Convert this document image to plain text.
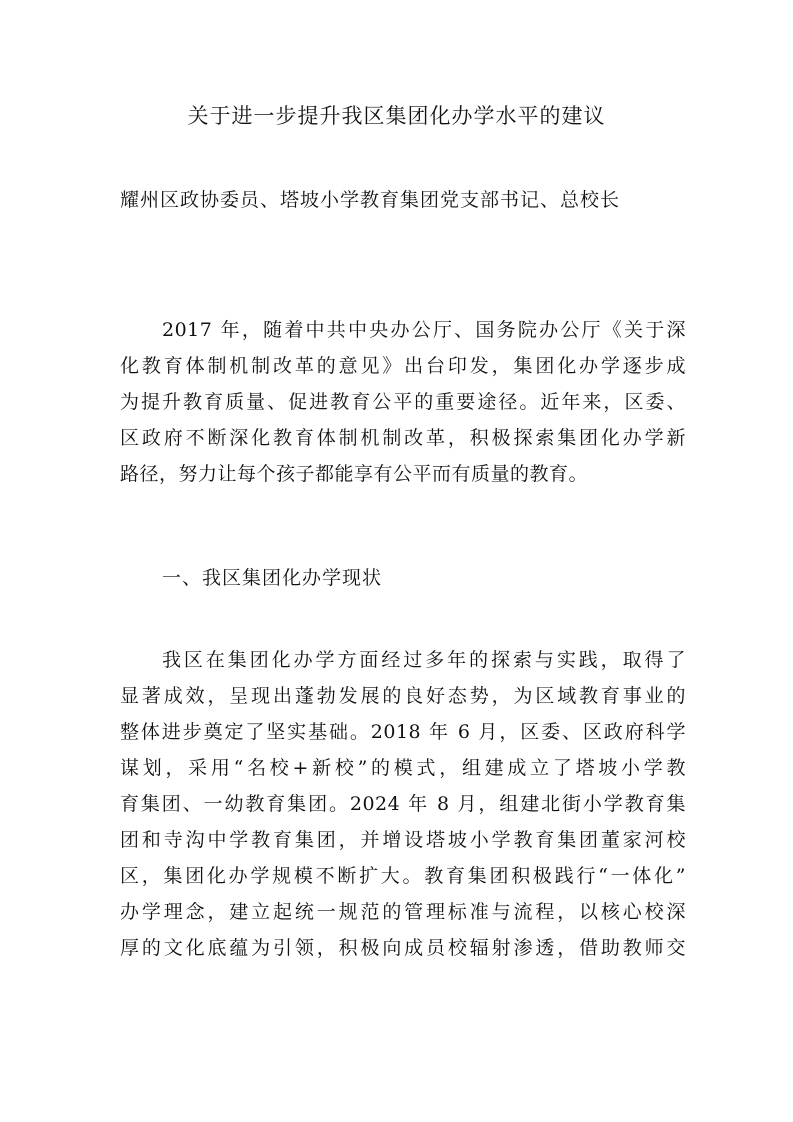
关于进一步提升我区集团化办学水平的建议
耀州区政协委员、塔坡小学教育集团党支部书记、总校长
2017 年，随着中共中央办公厅、国务院办公厅《关于深
化教育体制机制改革的意见》出台印发，集团化办学逐步成
为提升教育质量、促进教育公平的重要途径。近年来，区委、
区政府不断深化教育体制机制改革，积极探索集团化办学新
路径，努力让每个孩子都能享有公平而有质量的教育。
一、我区集团化办学现状
我区在集团化办学方面经过多年的探索与实践，取得了
显著成效，呈现出蓬勃发展的良好态势，为区域教育事业的
整体进步奠定了坚实基础。2018 年 6 月，区委、区政府科学
谋划，采用“名校+新校”的模式，组建成立了塔坡小学教
育集团、一幼教育集团。2024 年 8 月，组建北街小学教育集
团和寺沟中学教育集团，并增设塔坡小学教育集团董家河校
区，集团化办学规模不断扩大。教育集团积极践行“一体化”
办学理念，建立起统一规范的管理标准与流程，以核心校深
厚的文化底蕴为引领，积极向成员校辐射渗透，借助教师交
